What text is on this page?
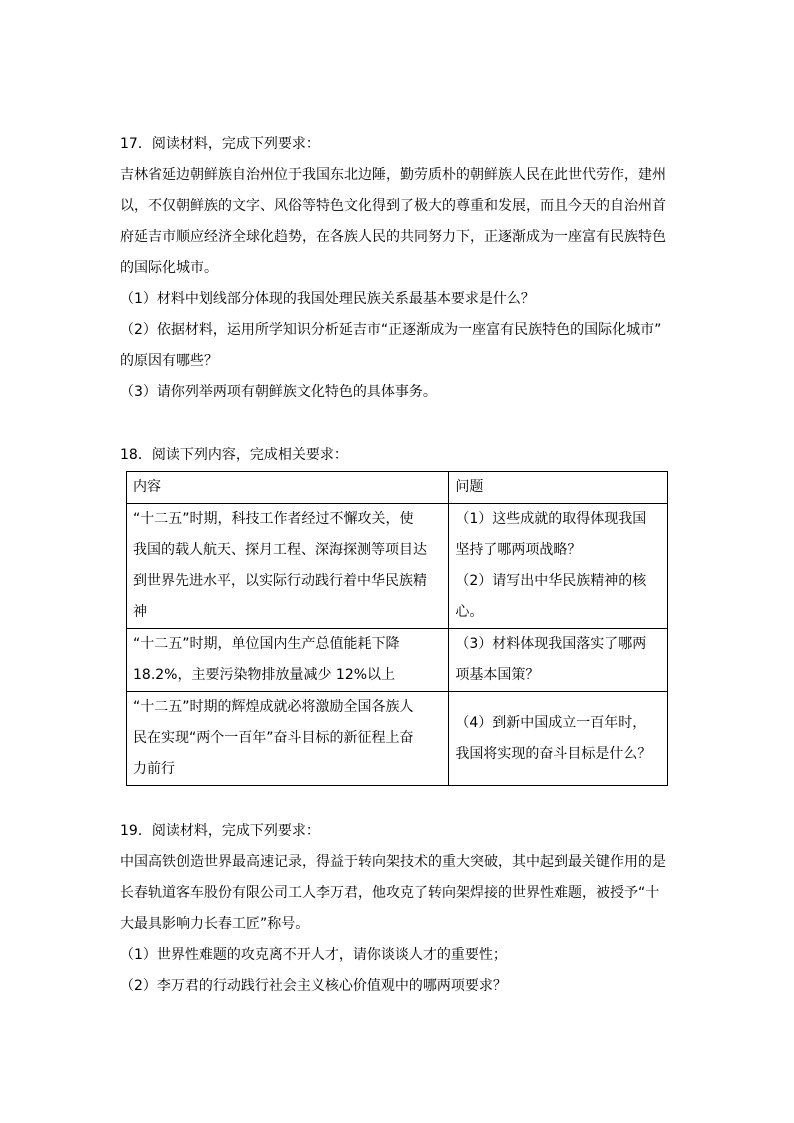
17．阅读材料，完成下列要求：
吉林省延边朝鲜族自治州位于我国东北边陲，勤劳质朴的朝鲜族人民在此世代劳作，建州
以，不仅朝鲜族的文字、风俗等特色文化得到了极大的尊重和发展，而且今天的自治州首
府延吉市顺应经济全球化趋势，在各族人民的共同努力下，正逐渐成为一座富有民族特色
的国际化城市。
（1）材料中划线部分体现的我国处理民族关系最基本要求是什么？
（2）依据材料，运用所学知识分析延吉市“正逐渐成为一座富有民族特色的国际化城市”
的原因有哪些？
（3）请你列举两项有朝鲜族文化特色的具体事务。
18．阅读下列内容，完成相关要求：
内容	问题

“十二五”时期，科技工作者经过不懈攻关，使
我国的载人航天、探月工程、深海探测等项目达
到世界先进水平，以实际行动践行着中华民族精
神	（1）这些成就的取得体现我国
坚持了哪两项战略？
（2）请写出中华民族精神的核
心。

“十二五”时期，单位国内生产总值能耗下降
18.2%，主要污染物排放量减少 12%以上	（3）材料体现我国落实了哪两
项基本国策？

“十二五”时期的辉煌成就必将激励全国各族人
民在实现“两个一百年”奋斗目标的新征程上奋
力前行	（4）到新中国成立一百年时，
我国将实现的奋斗目标是什么？
19．阅读材料，完成下列要求：
中国高铁创造世界最高速记录，得益于转向架技术的重大突破，其中起到最关键作用的是
长春轨道客车股份有限公司工人李万君，他攻克了转向架焊接的世界性难题，被授予“十
大最具影响力长春工匠”称号。
（1）世界性难题的攻克离不开人才，请你谈谈人才的重要性；
（2）李万君的行动践行社会主义核心价值观中的哪两项要求？
